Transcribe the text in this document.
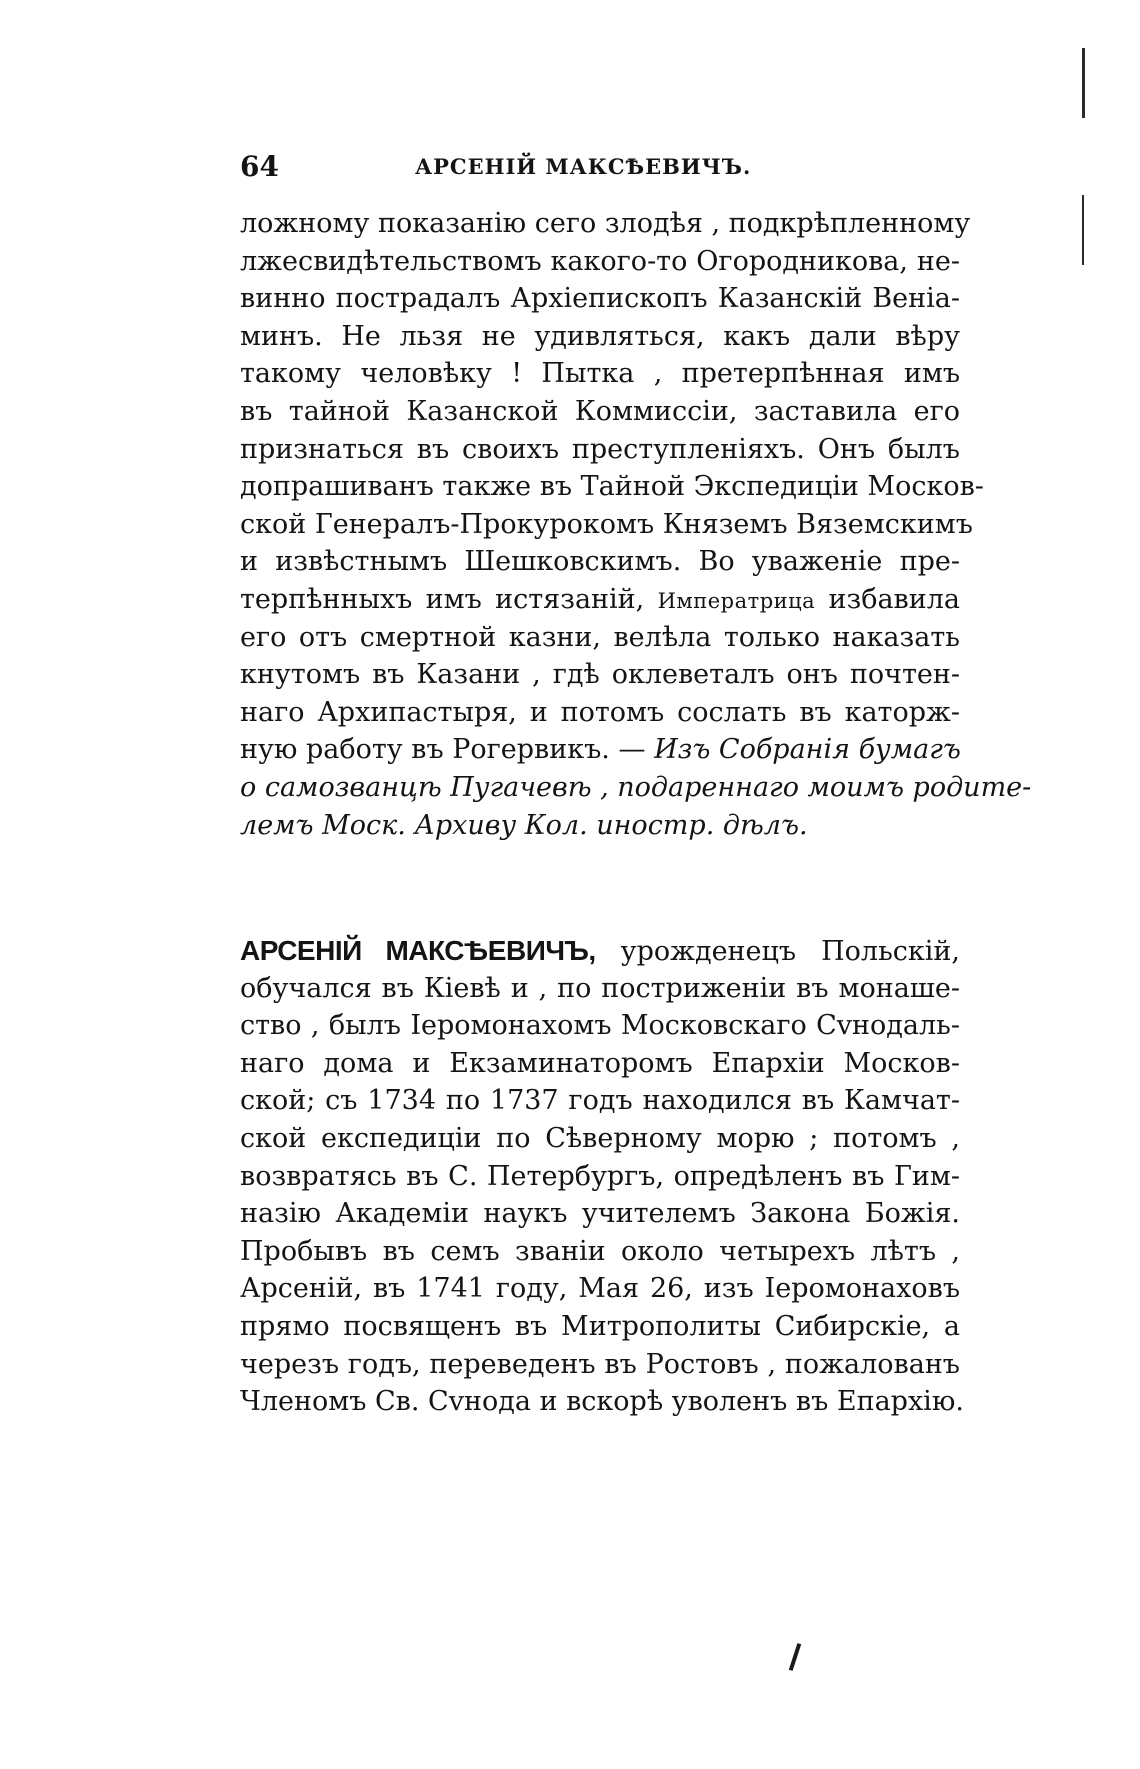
64	АРСЕНІЙ МАКСѢЕВИЧЪ.
ложному показанію сего злодѣя , подкрѣпленному
лжесвидѣтельствомъ какого-то Огородникова, не-
винно пострадалъ Архіепископъ Казанскій Веніа-
минъ. Не льзя не удивляться, какъ дали вѣру
такому человѣку ! Пытка , претерпѣнная имъ
въ тайной Казанской Коммиссіи, заставила его
признаться въ своихъ преступленіяхъ. Онъ былъ
допрашиванъ также въ Тайной Экспедиціи Москов-
ской Генералъ-Прокурокомъ Княземъ Вяземскимъ
и извѣстнымъ Шешковскимъ. Во уваженіе пре-
терпѣнныхъ имъ истязаній, Императрица избавила
его отъ смертной казни, велѣла только наказать
кнутомъ въ Казани , гдѣ оклеветалъ онъ почтен-
наго Архипастыря, и потомъ сослать въ каторж-
ную работу въ Рогервикъ. — Изъ Собранія бумагъ
о самозванцѣ Пугачевѣ , подареннаго моимъ родите-
лемъ Моск. Архиву Кол. иностр. дѣлъ.
АРСЕНІЙ МАКСѢЕВИЧЪ, урожденецъ Польскій,
обучался въ Кіевѣ и , по постриженіи въ монаше-
ство , былъ Іеромонахомъ Московскаго Сvнодаль-
наго дома и Екзаминаторомъ Епархіи Москов-
ской; съ 1734 по 1737 годъ находился въ Камчат-
ской експедиціи по Сѣверному морю ; потомъ ,
возвратясь въ С. Петербургъ, опредѣленъ въ Гим-
назію Академіи наукъ учителемъ Закона Божія.
Пробывъ въ семъ званіи около четырехъ лѣтъ ,
Арсеній, въ 1741 году, Мая 26, изъ Іеромонаховъ
прямо посвященъ въ Митрополиты Сибирскіе, а
черезъ годъ, переведенъ въ Ростовъ , пожалованъ
Членомъ Св. Сvнода и вскорѣ уволенъ въ Епархію.
